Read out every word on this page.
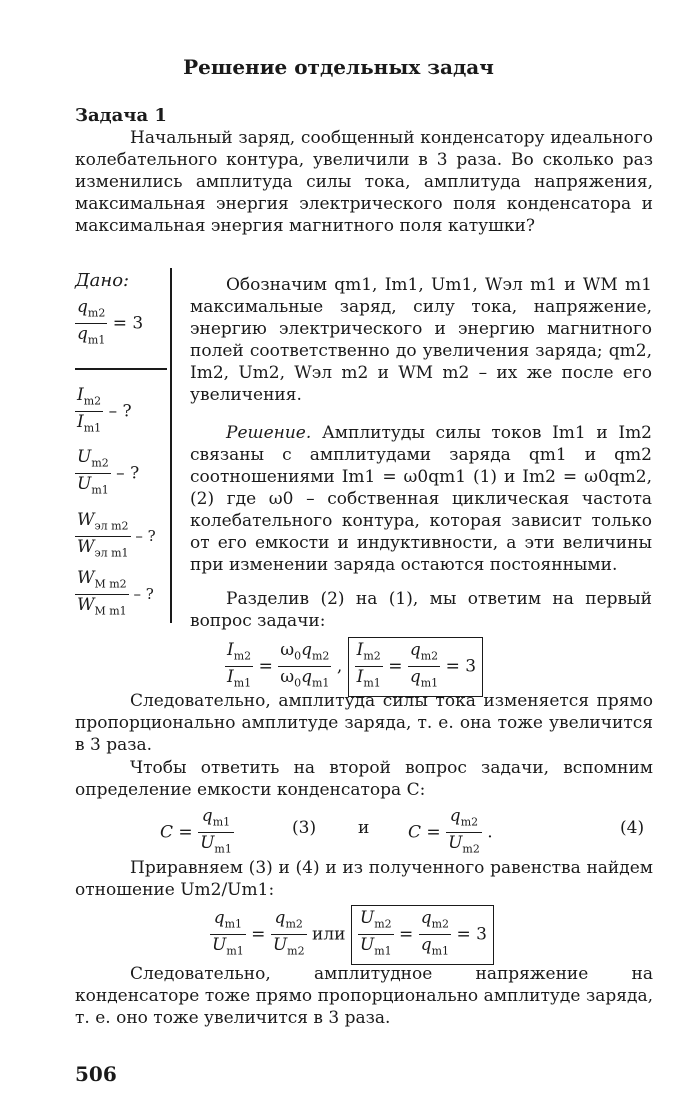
Решение отдельных задач
Задача 1
Начальный заряд, сообщенный конденсатору идеального колебательного контура, увеличили в 3 раза. Во сколько раз изменились амплитуда силы тока, амплитуда напряжения, максимальная энергия электрического поля конденсатора и максимальная энергия магнитного поля катушки?
Дано:
$\frac{q_{m2}}{q_{m1}} = 3$
$\frac{I_{m2}}{I_{m1}}$ – ?
$\frac{U_{m2}}{U_{m1}}$ – ?
$\frac{W_{эл m2}}{W_{эл m1}}$ – ?
$\frac{W_{M m2}}{W_{M m1}}$ – ?
Обозначим qm1, Im1, Um1, Wэл m1 и WМ m1 максимальные заряд, силу тока, напряжение, энергию электрического и энергию магнитного полей соответственно до увеличения заряда; qm2, Im2, Um2, Wэл m2 и WМ m2 – их же после его увеличения.
Решение. Амплитуды силы токов Im1 и Im2 связаны с амплитудами заряда qm1 и qm2 соотношениями Im1 = ω0qm1 (1) и Im2 = ω0qm2, (2) где ω0 – собственная циклическая частота колебательного контура, которая зависит только от его емкости и индуктивности, а эти величины при изменении заряда остаются постоянными.
Разделив (2) на (1), мы ответим на первый вопрос задачи:
$\frac{I_{m2}}{I_{m1}} = \frac{\omega_0q_{m2}}{\omega_0q_{m1}}$ , $\frac{I_{m2}}{I_{m1}} = \frac{q_{m2}}{q_{m1}} = 3$
Следовательно, амплитуда силы тока изменяется прямо пропорционально амплитуде заряда, т. е. она тоже увеличится в 3 раза.
Чтобы ответить на второй вопрос задачи, вспомним определение емкости конденсатора C:
$C = \frac{q_{m1}}{U_{m1}}$	(3) и $C = \frac{q_{m2}}{U_{m2}}$ .	(4)
Приравняем (3) и (4) и из полученного равенства найдем отношение Um2/Um1:
$\frac{q_{m1}}{U_{m1}} = \frac{q_{m2}}{U_{m2}}$ или $\frac{U_{m2}}{U_{m1}} = \frac{q_{m2}}{q_{m1}} = 3$
Следовательно, амплитудное напряжение на конденсаторе тоже прямо пропорционально амплитуде заряда, т. е. оно тоже увеличится в 3 раза.
506
